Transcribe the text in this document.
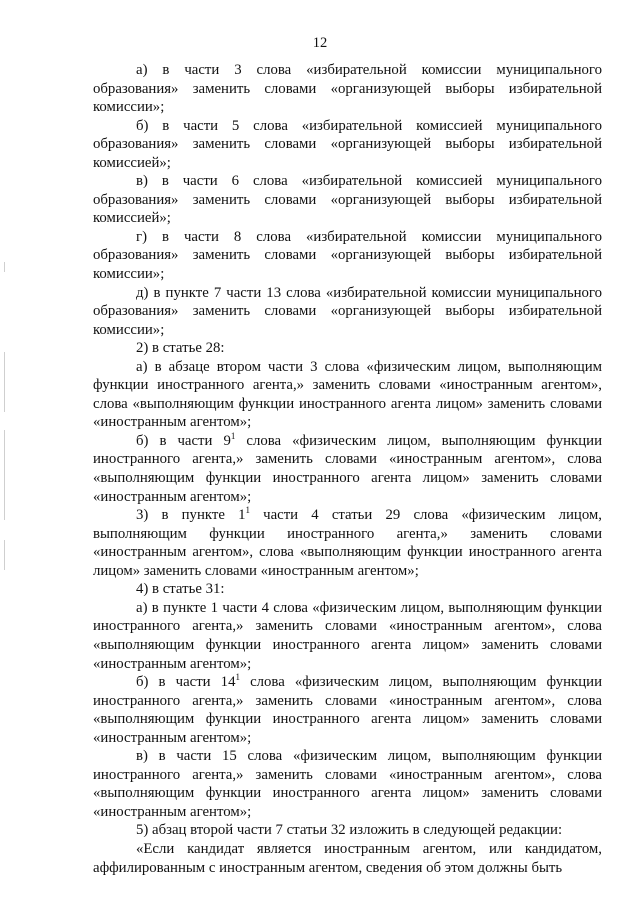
12

а) в части 3 слова «избирательной комиссии муниципального образования» заменить словами «организующей выборы избирательной комиссии»;

б) в части 5 слова «избирательной комиссией муниципального образования» заменить словами «организующей выборы избирательной комиссией»;

в) в части 6 слова «избирательной комиссией муниципального образования» заменить словами «организующей выборы избирательной комиссией»;

г) в части 8 слова «избирательной комиссии муниципального образования» заменить словами «организующей выборы избирательной комиссии»;

д) в пункте 7 части 13 слова «избирательной комиссии муниципального образования» заменить словами «организующей выборы избирательной комиссии»;

2) в статье 28:

а) в абзаце втором части 3 слова «физическим лицом, выполняющим функции иностранного агента,» заменить словами «иностранным агентом», слова «выполняющим функции иностранного агента лицом» заменить словами «иностранным агентом»;

б) в части $9^1$ слова «физическим лицом, выполняющим функции иностранного агента,» заменить словами «иностранным агентом», слова «выполняющим функции иностранного агента лицом» заменить словами «иностранным агентом»;

3) в пункте $1^1$ части 4 статьи 29 слова «физическим лицом, выполняющим функции иностранного агента,» заменить словами «иностранным агентом», слова «выполняющим функции иностранного агента лицом» заменить словами «иностранным агентом»;

4) в статье 31:

а) в пункте 1 части 4 слова «физическим лицом, выполняющим функции иностранного агента,» заменить словами «иностранным агентом», слова «выполняющим функции иностранного агента лицом» заменить словами «иностранным агентом»;

б) в части $14^1$ слова «физическим лицом, выполняющим функции иностранного агента,» заменить словами «иностранным агентом», слова «выполняющим функции иностранного агента лицом» заменить словами «иностранным агентом»;

в) в части 15 слова «физическим лицом, выполняющим функции иностранного агента,» заменить словами «иностранным агентом», слова «выполняющим функции иностранного агента лицом» заменить словами «иностранным агентом»;

5) абзац второй части 7 статьи 32 изложить в следующей редакции:

«Если кандидат является иностранным агентом, или кандидатом, аффилированным с иностранным агентом, сведения об этом должны быть
